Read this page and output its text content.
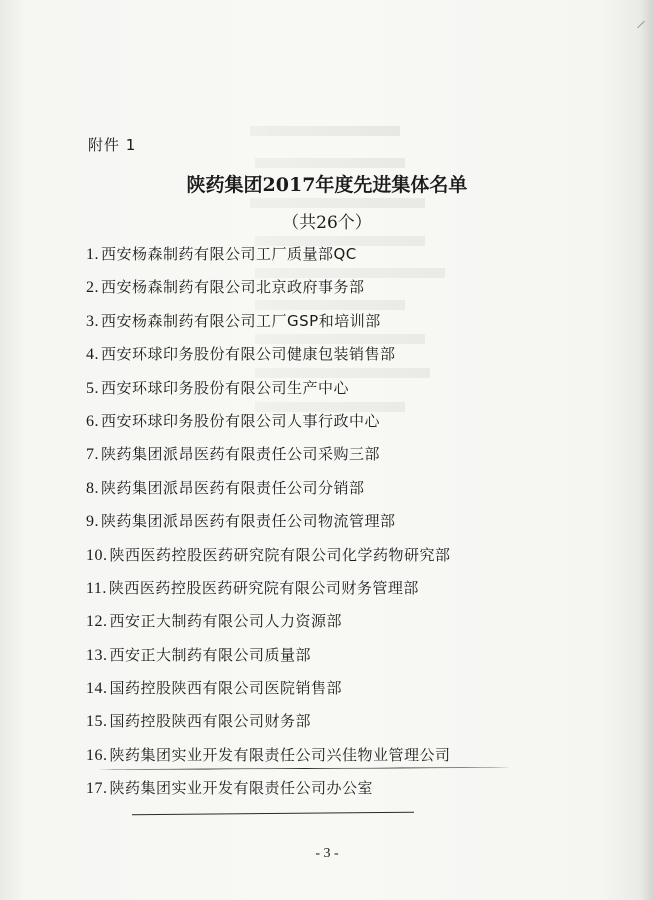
附件 1
陕药集团2017年度先进集体名单
（共26个）
1. 西安杨森制药有限公司工厂质量部QC
2. 西安杨森制药有限公司北京政府事务部
3. 西安杨森制药有限公司工厂GSP和培训部
4. 西安环球印务股份有限公司健康包装销售部
5. 西安环球印务股份有限公司生产中心
6. 西安环球印务股份有限公司人事行政中心
7. 陕药集团派昂医药有限责任公司采购三部
8. 陕药集团派昂医药有限责任公司分销部
9. 陕药集团派昂医药有限责任公司物流管理部
10. 陕西医药控股医药研究院有限公司化学药物研究部
11. 陕西医药控股医药研究院有限公司财务管理部
12. 西安正大制药有限公司人力资源部
13. 西安正大制药有限公司质量部
14. 国药控股陕西有限公司医院销售部
15. 国药控股陕西有限公司财务部
16. 陕药集团实业开发有限责任公司兴佳物业管理公司
17. 陕药集团实业开发有限责任公司办公室
- 3 -
